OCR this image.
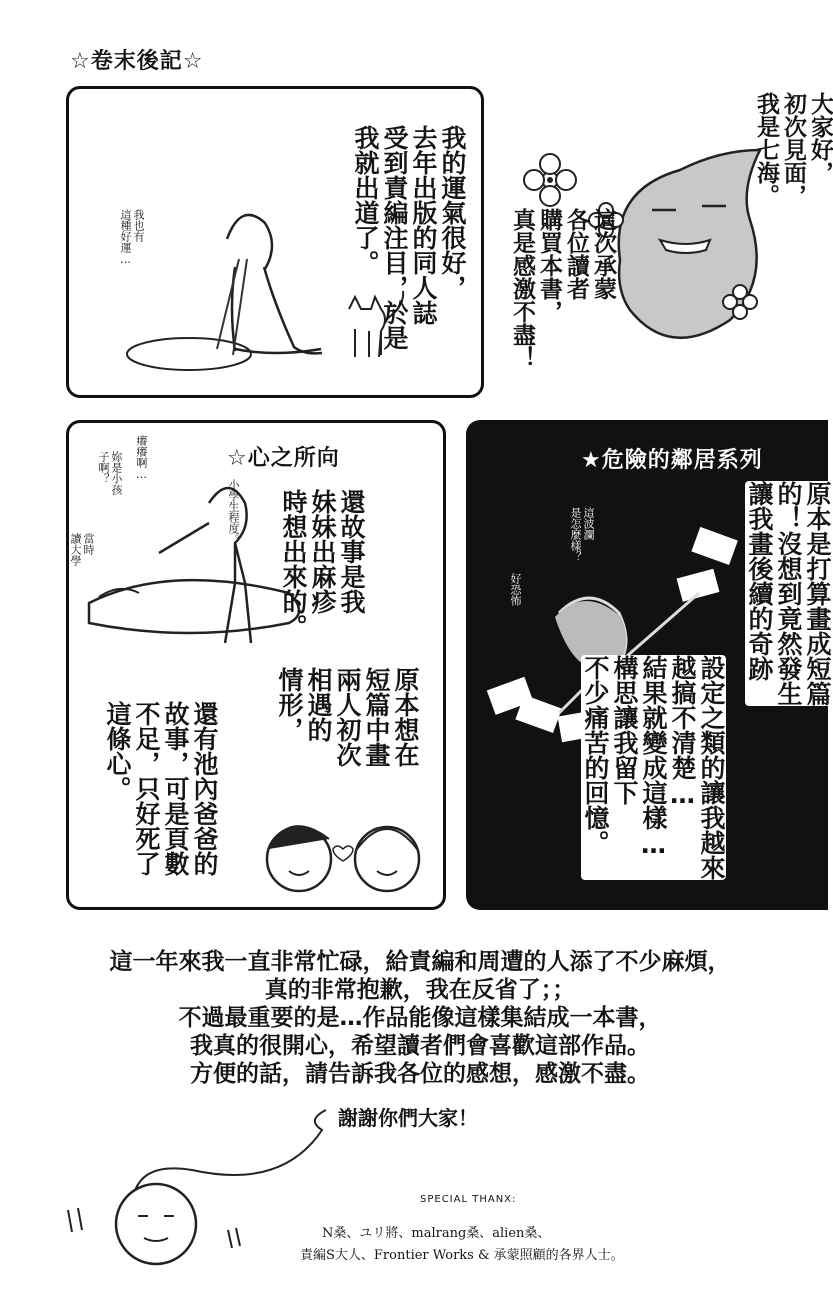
☆卷末後記☆
我也有
這種好運…	我的運氣很好，
去年出版的同人誌
受到責編注目，於是
我就出道了。	大家好，
初次見面，
我是七海。
這次承蒙
各位讀者
購買本書，
真是感激不盡！
☆心之所向
癢癢啊…
妳是小孩
子啊？
小學生程度。
當時
讀大學	還故事是我
妹妹出麻疹
時想出來的。
原本想在
短篇中畫
兩人初次
相遇的
情形，
還有池內爸爸的
故事，可是頁數
不足，只好死了
這條心。
★危險的鄰居系列
這波瀾
是怎麼樣？
好恐怖	原本是打算畫成短篇
的！沒想到竟然發生
讓我畫後續的奇跡
設定之類的讓我越來
越搞不清楚…
結果就變成這樣…
構思讓我留下
不少痛苦的回憶。

這一年來我一直非常忙碌，給責編和周遭的人添了不少麻煩，

真的非常抱歉，我在反省了；；

不過最重要的是…作品能像這樣集結成一本書，

我真的很開心，希望讀者們會喜歡這部作品。

方便的話，請告訴我各位的感想，感激不盡。

謝謝你們大家！
SPECIAL THANX:
N桑、ユリ將、malrang桑、alien桑、
責編S大人、Frontier Works & 承蒙照顧的各界人士。
